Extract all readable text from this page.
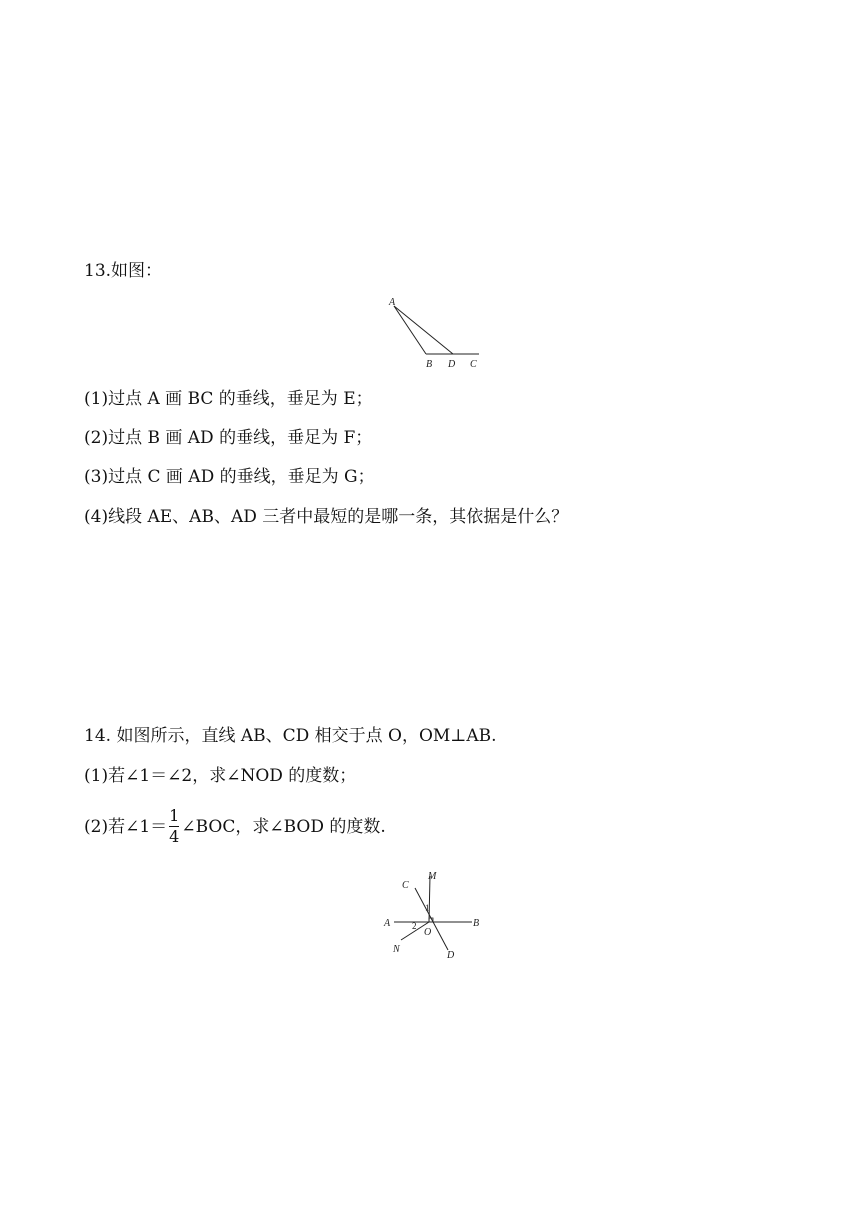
13.如图：
A
B D C
(1)过点 A 画 BC 的垂线，垂足为 E；
(2)过点 B 画 AD 的垂线，垂足为 F；
(3)过点 C 画 AD 的垂线，垂足为 G；
(4)线段 AE、AB、AD 三者中最短的是哪一条，其依据是什么？
14. 如图所示，直线 AB、CD 相交于点 O，OM⊥AB.
(1)若∠1＝∠2，求∠NOD 的度数；
(2)若∠1＝ $\frac{1}{4}$ ∠BOC，求∠BOD 的度数.
C
M
A	B
O
N
D
1
2
